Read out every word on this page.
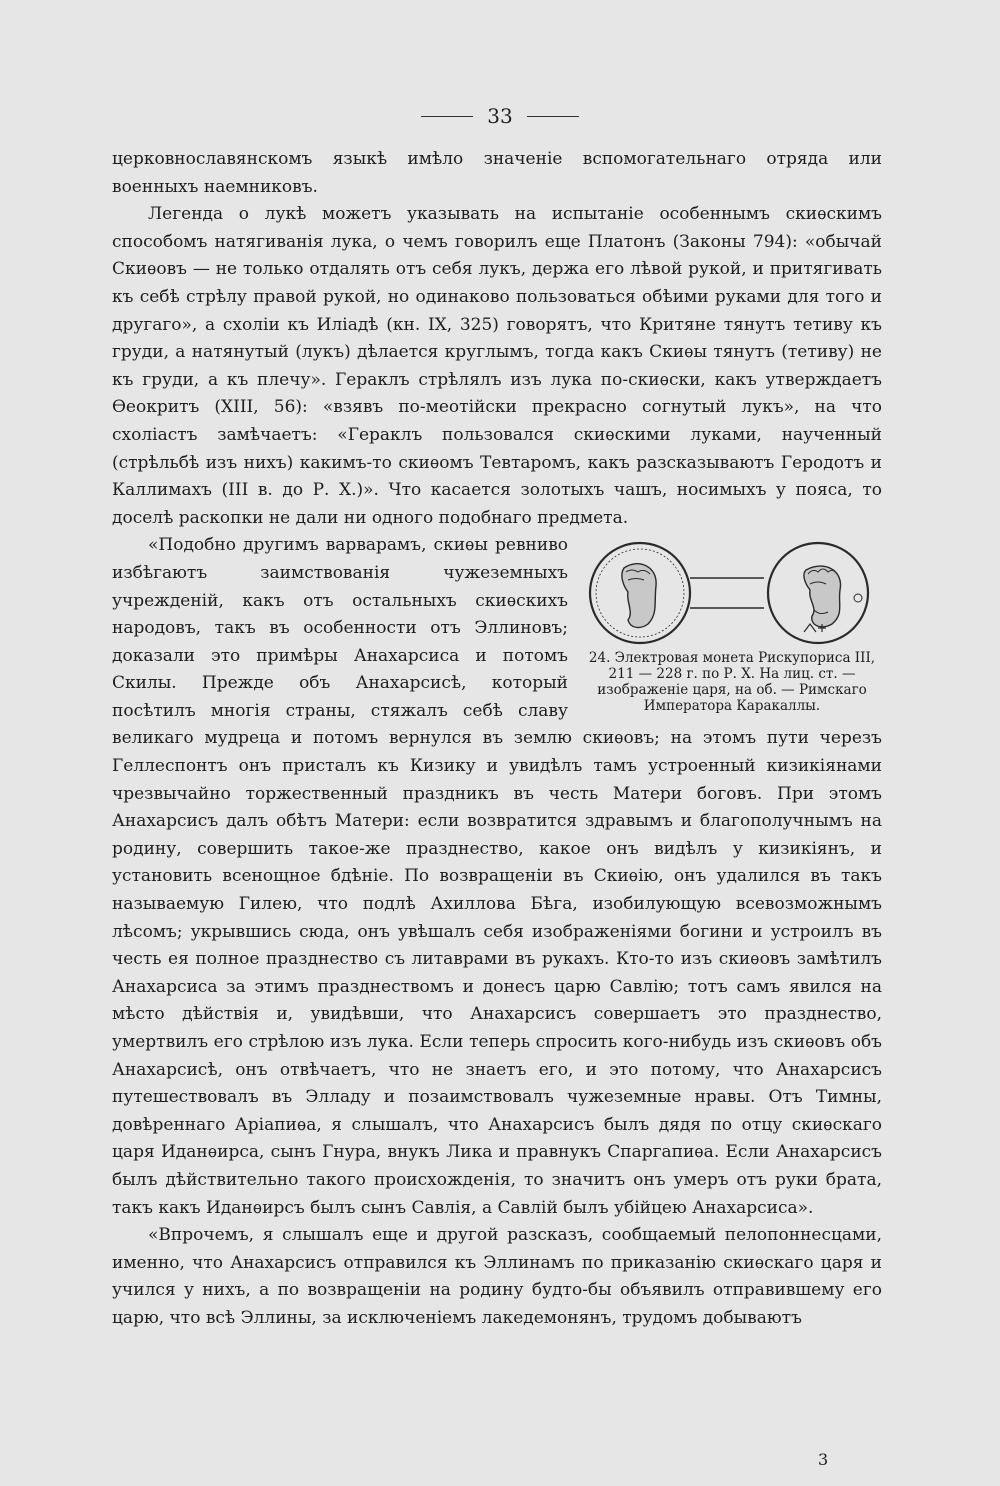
33

церковнославянскомъ языкѣ имѣло значеніе вспомогательнаго отряда или военныхъ наемниковъ.

Легенда о лукѣ можетъ указывать на испытаніе особеннымъ скиѳскимъ способомъ натягиванія лука, о чемъ говорилъ еще Платонъ (Законы 794): «обычай Скиѳовъ — не только отдалять отъ себя лукъ, держа его лѣвой рукой, и притягивать къ себѣ стрѣлу правой рукой, но одинаково пользоваться обѣими руками для того и другаго», а схоліи къ Иліадѣ (кн. IX, 325) говорятъ, что Критяне тянутъ тетиву къ груди, а натянутый (лукъ) дѣлается круглымъ, тогда какъ Скиѳы тянутъ (тетиву) не къ груди, а къ плечу». Гераклъ стрѣлялъ изъ лука по-скиѳски, какъ утверждаетъ Ѳеокритъ (XIII, 56): «взявъ по-меотійски прекрасно согнутый лукъ», на что схоліастъ замѣчаетъ: «Гераклъ пользовался скиѳскими луками, наученный (стрѣльбѣ изъ нихъ) какимъ-то скиѳомъ Тевтаромъ, какъ разсказываютъ Геродотъ и Каллимахъ (III в. до Р. Х.)». Что касается золотыхъ чашъ, носимыхъ у пояса, то доселѣ раскопки не дали ни одного подобнаго предмета.

24. Электровая монета Рискупориса III, 211 — 228 г. по Р. Х. На лиц. ст. — изображеніе царя, на об. — Римскаго Императора Каракаллы.

«Подобно другимъ варварамъ, скиѳы ревниво избѣгаютъ заимствованія чужеземныхъ учрежденій, какъ отъ остальныхъ скиѳскихъ народовъ, такъ въ особенности отъ Эллиновъ; доказали это примѣры Анахарсиса и потомъ Скилы. Прежде объ Анахарсисѣ, который посѣтилъ многія страны, стяжалъ себѣ славу великаго мудреца и потомъ вернулся въ землю скиѳовъ; на этомъ пути черезъ Геллеспонтъ онъ присталъ къ Кизику и увидѣлъ тамъ устроенный кизикіянами чрезвычайно торжественный праздникъ въ честь Матери боговъ. При этомъ Анахарсисъ далъ обѣтъ Матери: если возвратится здравымъ и благополучнымъ на родину, совершить такое-же празднество, какое онъ видѣлъ у кизикіянъ, и установить всенощное бдѣніе. По возвращеніи въ Скиѳію, онъ удалился въ такъ называемую Гилею, что подлѣ Ахиллова Бѣга, изобилующую всевозможнымъ лѣсомъ; укрывшись сюда, онъ увѣшалъ себя изображеніями богини и устроилъ въ честь ея полное празднество съ литаврами въ рукахъ. Кто-то изъ скиѳовъ замѣтилъ Анахарсиса за этимъ празднествомъ и донесъ царю Савлію; тотъ самъ явился на мѣсто дѣйствія и, увидѣвши, что Анахарсисъ совершаетъ это празднество, умертвилъ его стрѣлою изъ лука. Если теперь спросить кого-нибудь изъ скиѳовъ объ Анахарсисѣ, онъ отвѣчаетъ, что не знаетъ его, и это потому, что Анахарсисъ путешествовалъ въ Элладу и позаимствовалъ чужеземные нравы. Отъ Тимны, довѣреннаго Аріапиѳа, я слышалъ, что Анахарсисъ былъ дядя по отцу скиѳскаго царя Иданѳирса, сынъ Гнура, внукъ Лика и правнукъ Спаргапиѳа. Если Анахарсисъ былъ дѣйствительно такого происхожденія, то значитъ онъ умеръ отъ руки брата, такъ какъ Иданѳирсъ былъ сынъ Савлія, а Савлій былъ убійцею Анахарсиса».

«Впрочемъ, я слышалъ еще и другой разсказъ, сообщаемый пелопоннесцами, именно, что Анахарсисъ отправился къ Эллинамъ по приказанію скиѳскаго царя и учился у нихъ, а по возвращеніи на родину будто-бы объявилъ отправившему его царю, что всѣ Эллины, за исключеніемъ лакедемонянъ, трудомъ добываютъ

3
